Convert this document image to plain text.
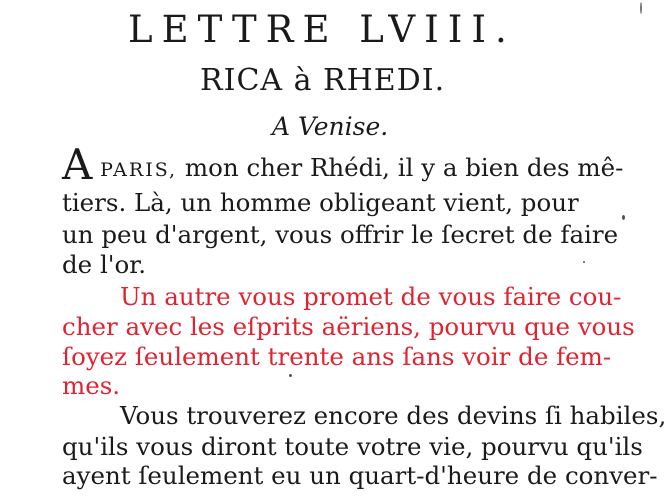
LETTRE LVIII.
RICA à RHEDI.
A Venise.
A PARIS, mon cher Rhédi, il y a bien des mê-
tiers. Là, un homme obligeant vient, pour
un peu d'argent, vous offrir le ſecret de faire
de l'or.
Un autre vous promet de vous faire cou-
cher avec les eſprits aëriens, pourvu que vous
ſoyez ſeulement trente ans ſans voir de fem-
mes.
Vous trouverez encore des devins ſi habiles,
qu'ils vous diront toute votre vie, pourvu qu'ils
ayent ſeulement eu un quart-d'heure de conver-
